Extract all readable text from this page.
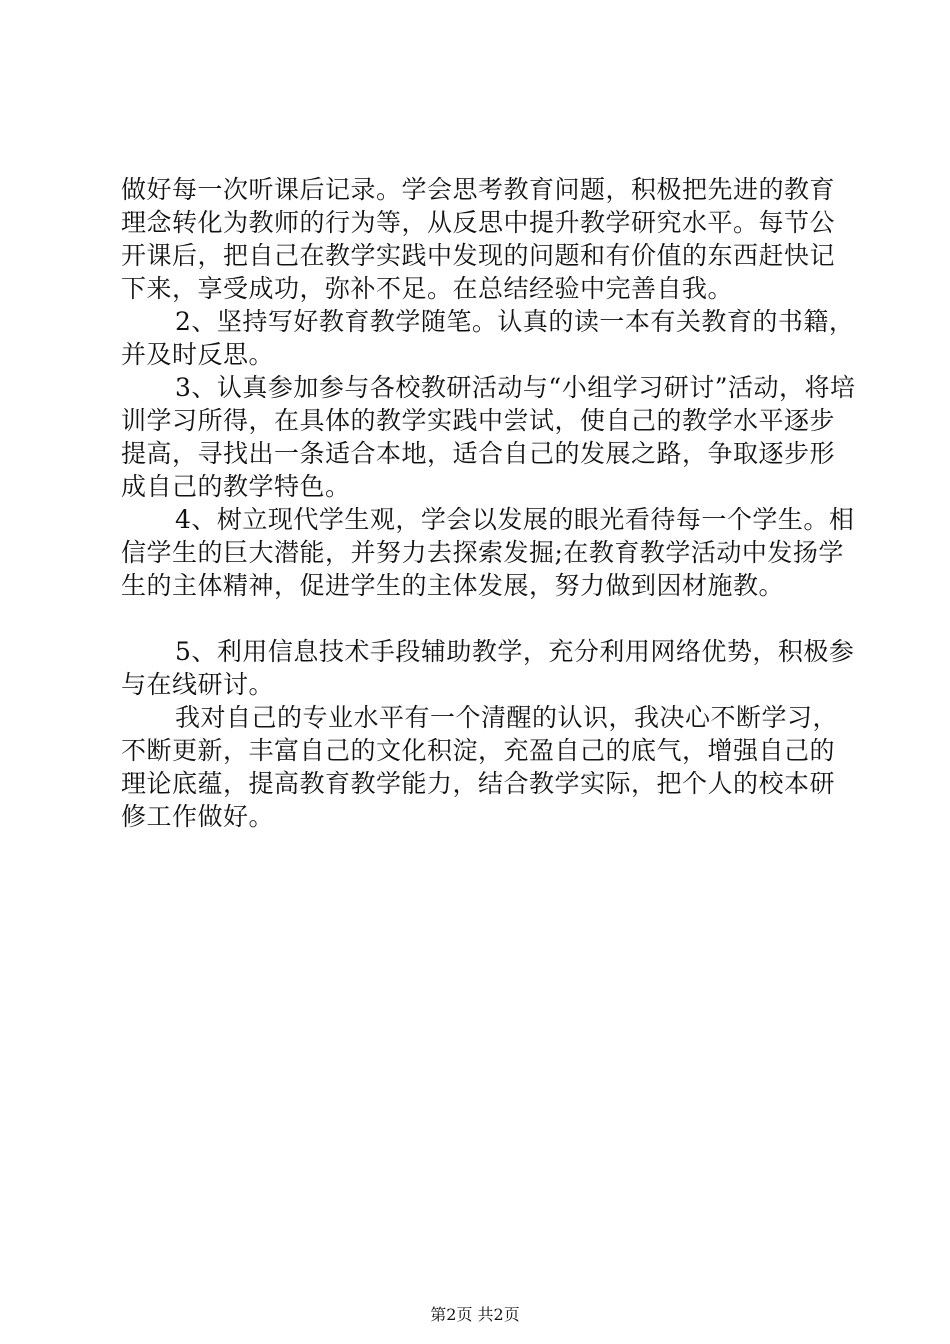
做好每一次听课后记录。学会思考教育问题，积极把先进的教育理念转化为教师的行为等，从反思中提升教学研究水平。每节公开课后，把自己在教学实践中发现的问题和有价值的东西赶快记下来，享受成功，弥补不足。在总结经验中完善自我。

2、坚持写好教育教学随笔。认真的读一本有关教育的书籍，并及时反思。

3、认真参加参与各校教研活动与“小组学习研讨”活动，将培训学习所得，在具体的教学实践中尝试，使自己的教学水平逐步提高，寻找出一条适合本地，适合自己的发展之路，争取逐步形成自己的教学特色。

4、树立现代学生观，学会以发展的眼光看待每一个学生。相信学生的巨大潜能，并努力去探索发掘;在教育教学活动中发扬学生的主体精神，促进学生的主体发展，努力做到因材施教。

5、利用信息技术手段辅助教学，充分利用网络优势，积极参与在线研讨。

我对自己的专业水平有一个清醒的认识，我决心不断学习，不断更新，丰富自己的文化积淀，充盈自己的底气，增强自己的理论底蕴，提高教育教学能力，结合教学实际，把个人的校本研修工作做好。

第2页 共2页
